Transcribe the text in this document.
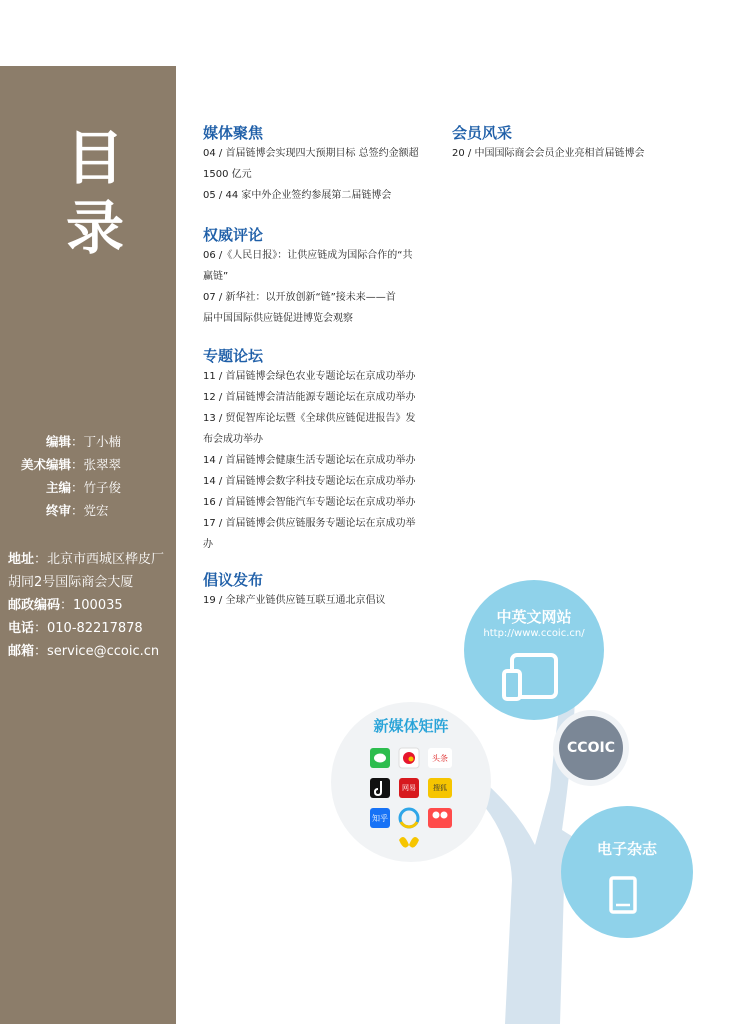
目
录
编辑：丁小楠
美术编辑：张翠翠
主编：竹子俊
终审：党宏
地址：北京市西城区桦皮厂
胡同2号国际商会大厦
邮政编码：100035
电话：010-82217878
邮箱：service@ccoic.cn
中英文网站
http://www.ccoic.cn/
CCOIC
新媒体矩阵
头条
网易	搜狐
知乎
电子杂志
媒体聚焦
04 / 首届链博会实现四大预期目标 总签约金额超
1500 亿元
05 / 44 家中外企业签约参展第二届链博会
权威评论
06 /《人民日报》：让供应链成为国际合作的“共
赢链”
07 / 新华社：以开放创新“链”接未来——首
届中国国际供应链促进博览会观察
专题论坛
11 / 首届链博会绿色农业专题论坛在京成功举办
12 / 首届链博会清洁能源专题论坛在京成功举办
13 / 贸促智库论坛暨《全球供应链促进报告》发
布会成功举办
14 / 首届链博会健康生活专题论坛在京成功举办
14 / 首届链博会数字科技专题论坛在京成功举办
16 / 首届链博会智能汽车专题论坛在京成功举办
17 / 首届链博会供应链服务专题论坛在京成功举
办
倡议发布
19 / 全球产业链供应链互联互通北京倡议
会员风采
20 / 中国国际商会会员企业亮相首届链博会
